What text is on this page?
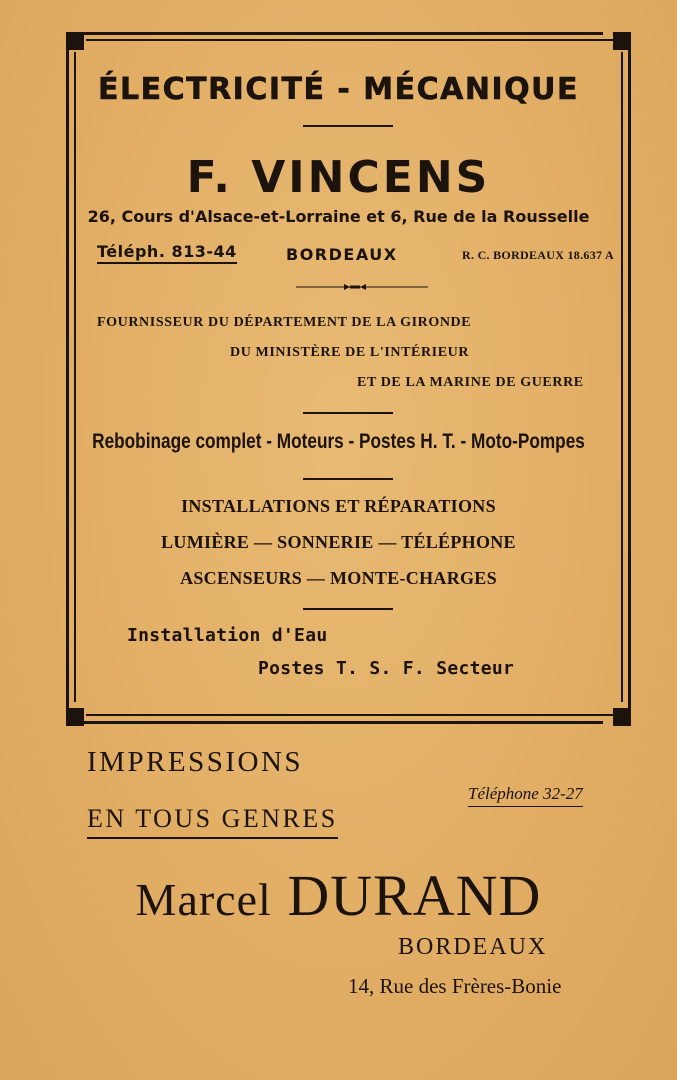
ÉLECTRICITÉ - MÉCANIQUE
F. VINCENS
26, Cours d'Alsace-et-Lorraine et 6, Rue de la Rousselle
Téléph. 813-44	BORDEAUX	R. C. BORDEAUX 18.637 A
FOURNISSEUR DU DÉPARTEMENT DE LA GIRONDE
DU MINISTÈRE DE L'INTÉRIEUR
ET DE LA MARINE DE GUERRE
Rebobinage complet - Moteurs - Postes H. T. - Moto-Pompes
INSTALLATIONS ET RÉPARATIONS
LUMIÈRE — SONNERIE — TÉLÉPHONE
ASCENSEURS — MONTE-CHARGES
Installation d'Eau
Postes T. S. F. Secteur
IMPRESSIONS
EN TOUS GENRES
Téléphone 32-27
Marcel DURAND
BORDEAUX
14, Rue des Frères-Bonie
